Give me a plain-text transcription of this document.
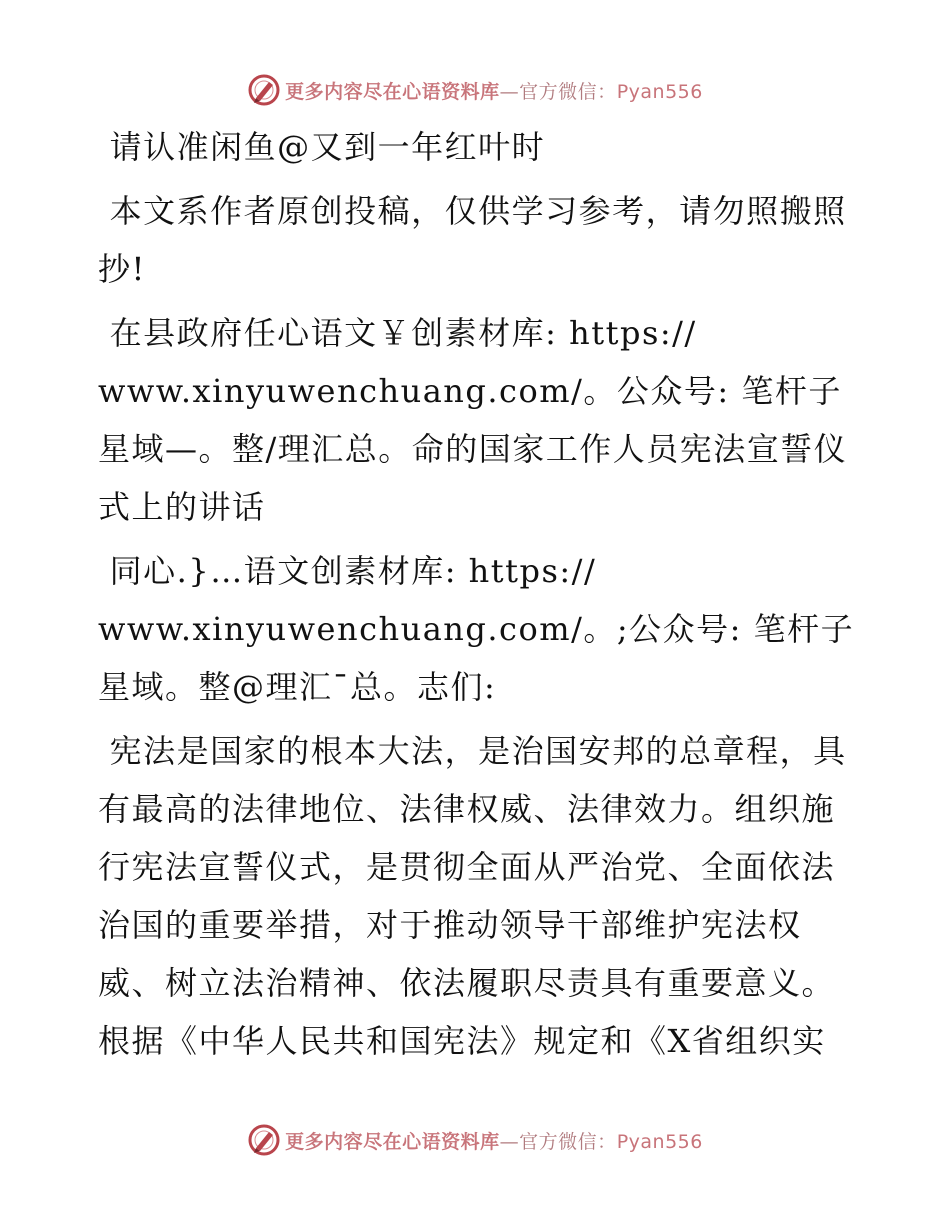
更多内容尽在心语资料库—官方微信：Pyan556

请认准闲鱼@又到一年红叶时

本文系作者原创投稿，仅供学习参考，请勿照搬照抄!

在县政府任心语文￥创素材库: https://
www.xinyuwenchuang.com/。公众号: 笔杆子星域—。整/理汇总。命的国家工作人员宪法宣誓仪式上的讲话

同心.}…语文创素材库: https://
www.xinyuwenchuang.com/。;公众号: 笔杆子星域。整@理汇¯总。志们:

宪法是国家的根本大法，是治国安邦的总章程，具有最高的法律地位、法律权威、法律效力。组织施行宪法宣誓仪式，是贯彻全面从严治党、全面依法治国的重要举措，对于推动领导干部维护宪法权威、树立法治精神、依法履职尽责具有重要意义。根据《中华人民共和国宪法》规定和《X省组织实

更多内容尽在心语资料库—官方微信：Pyan556
